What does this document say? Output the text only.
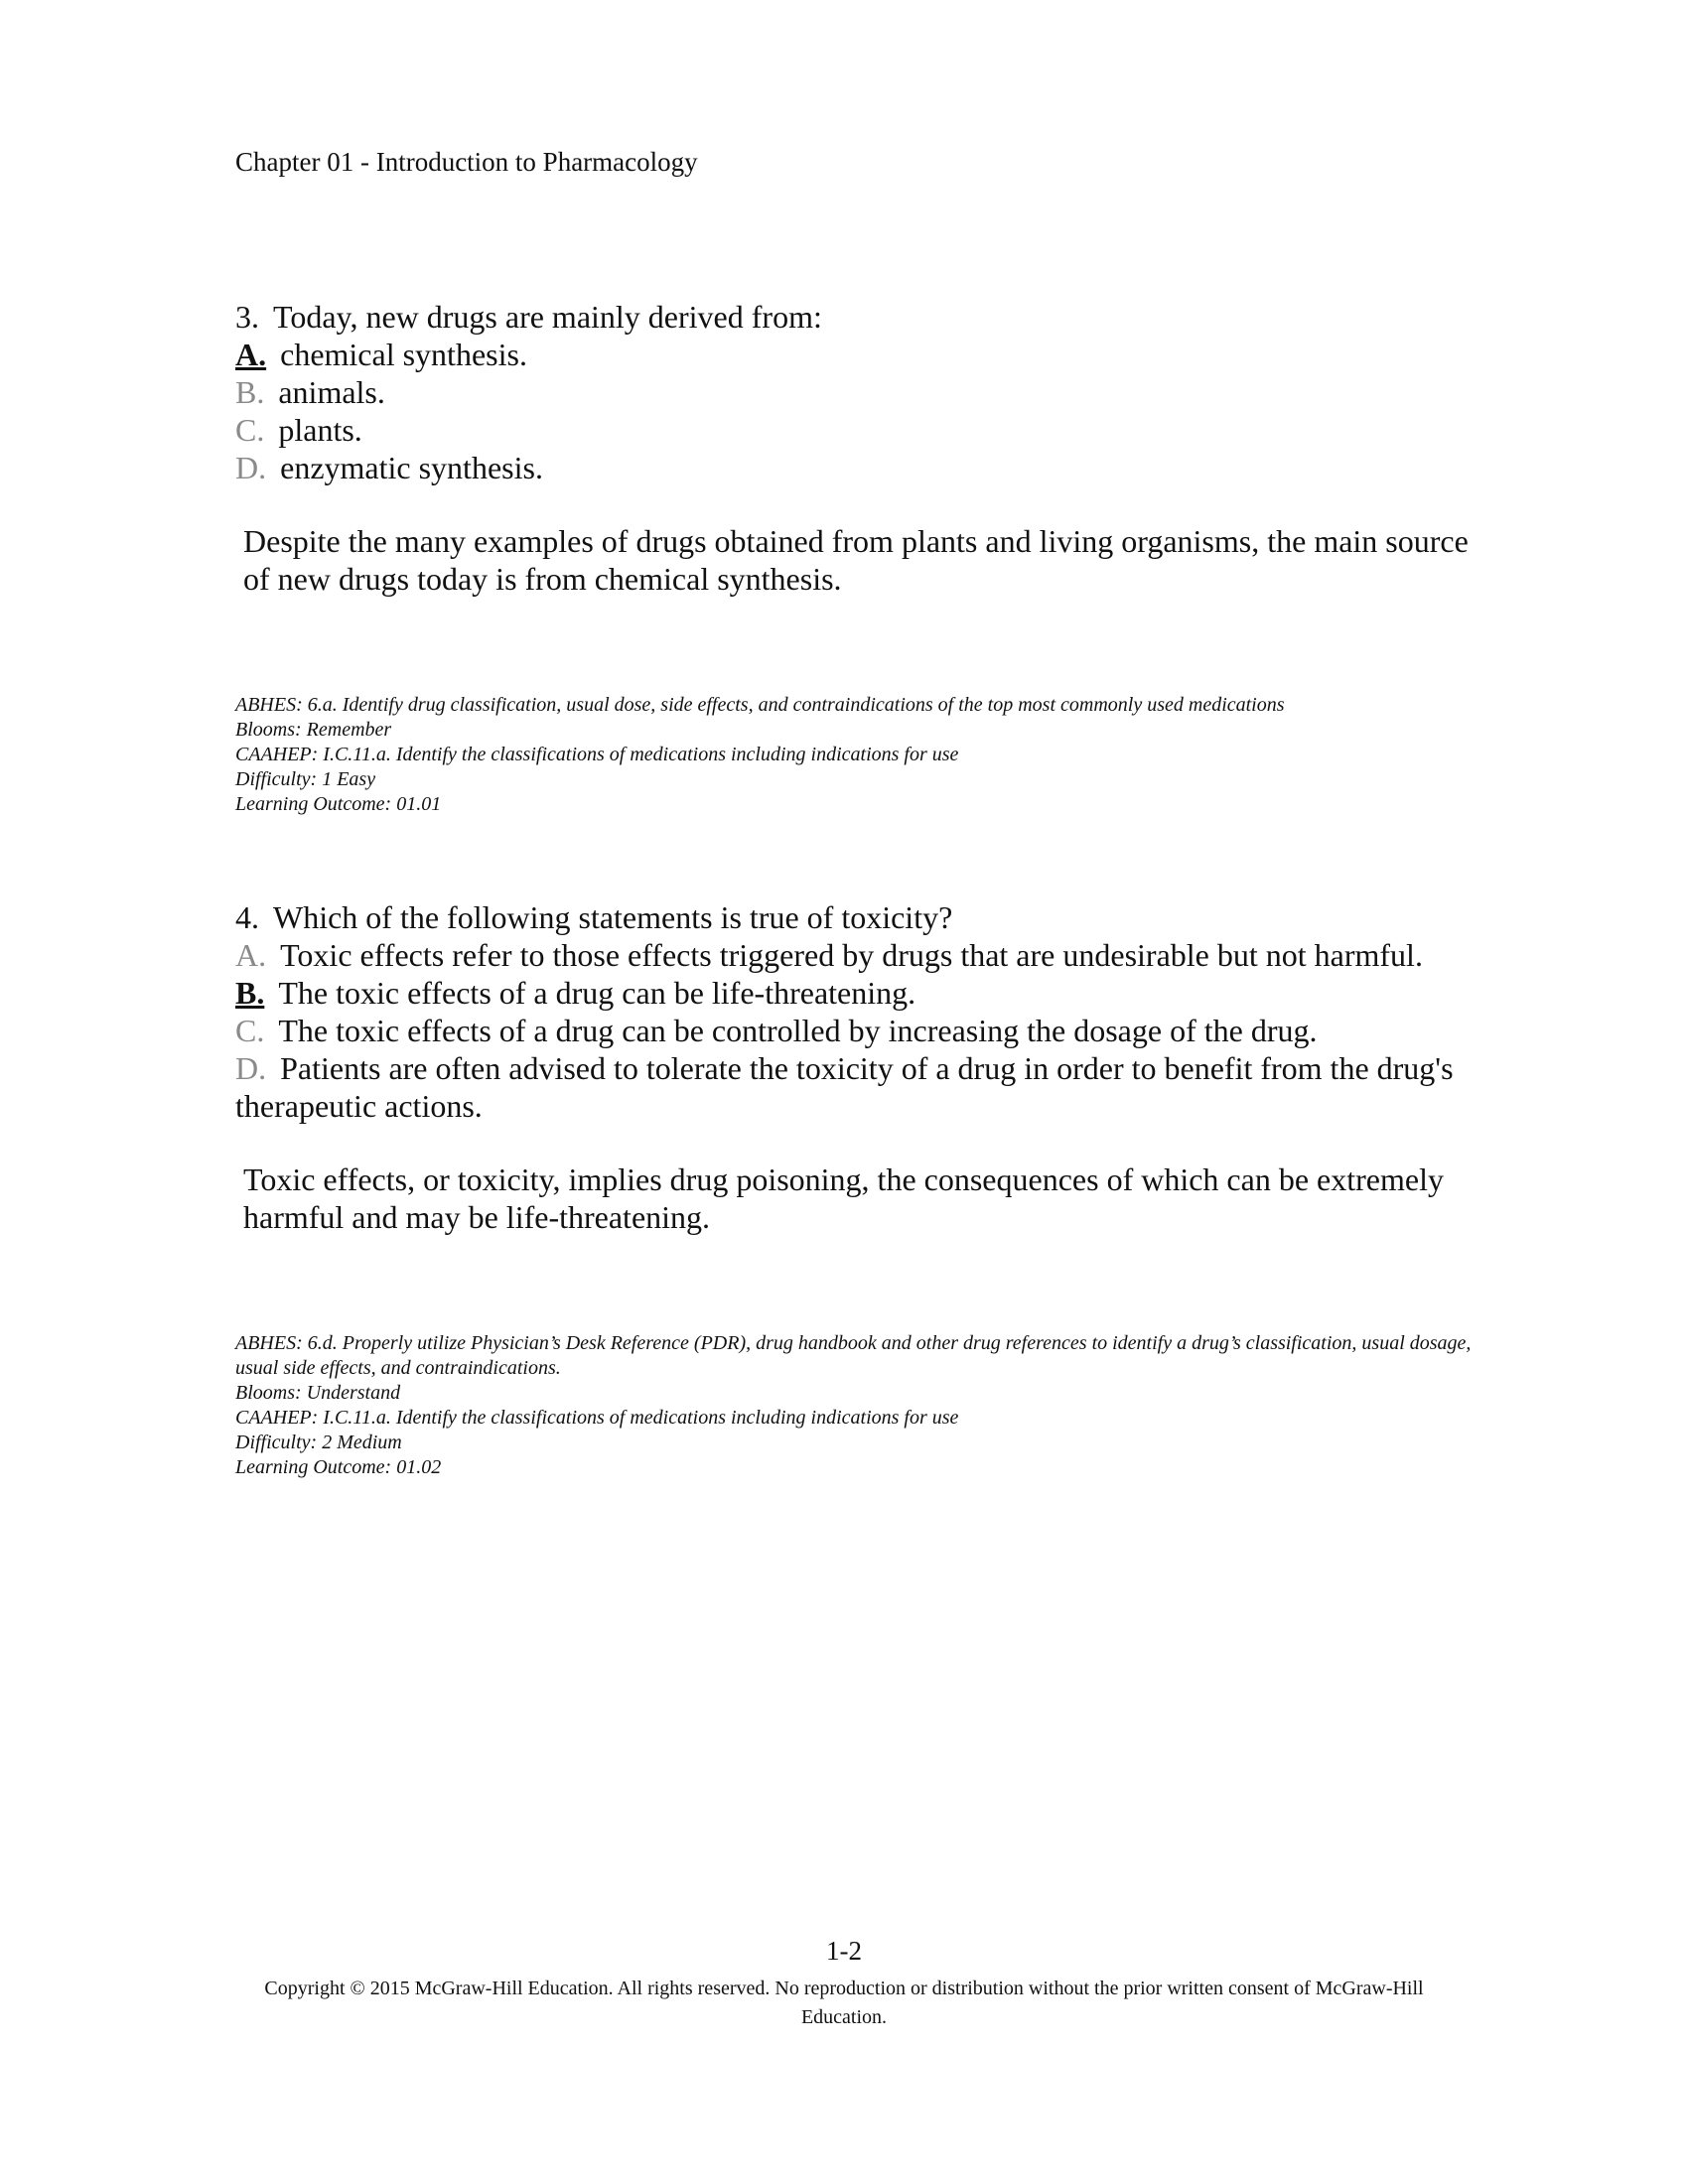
Chapter 01 - Introduction to Pharmacology
3. Today, new drugs are mainly derived from:
A. chemical synthesis.
B. animals.
C. plants.
D. enzymatic synthesis.
Despite the many examples of drugs obtained from plants and living organisms, the main source of new drugs today is from chemical synthesis.
ABHES: 6.a. Identify drug classification, usual dose, side effects, and contraindications of the top most commonly used medications
Blooms: Remember
CAAHEP: I.C.11.a. Identify the classifications of medications including indications for use
Difficulty: 1 Easy
Learning Outcome: 01.01
4. Which of the following statements is true of toxicity?
A. Toxic effects refer to those effects triggered by drugs that are undesirable but not harmful.
B. The toxic effects of a drug can be life-threatening.
C. The toxic effects of a drug can be controlled by increasing the dosage of the drug.
D. Patients are often advised to tolerate the toxicity of a drug in order to benefit from the drug's therapeutic actions.
Toxic effects, or toxicity, implies drug poisoning, the consequences of which can be extremely harmful and may be life-threatening.
ABHES: 6.d. Properly utilize Physician’s Desk Reference (PDR), drug handbook and other drug references to identify a drug’s classification, usual dosage, usual side effects, and contraindications.
Blooms: Understand
CAAHEP: I.C.11.a. Identify the classifications of medications including indications for use
Difficulty: 2 Medium
Learning Outcome: 01.02
1-2
Copyright © 2015 McGraw-Hill Education. All rights reserved. No reproduction or distribution without the prior written consent of McGraw-Hill Education.
